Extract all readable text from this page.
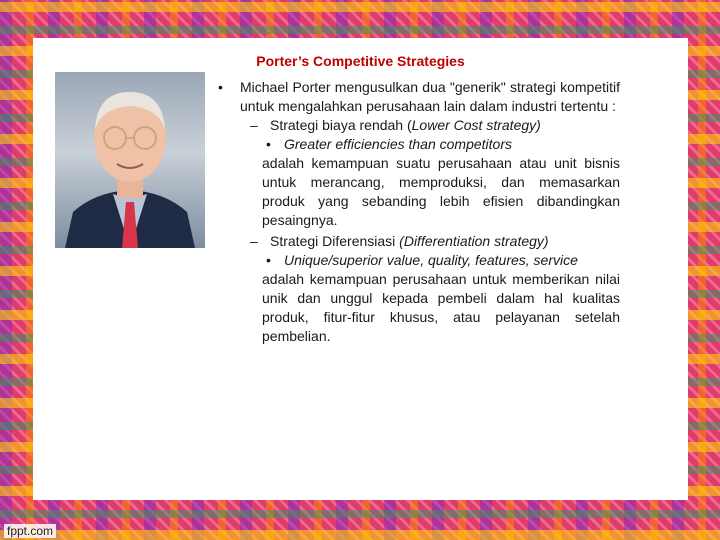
Porter’s Competitive Strategies
• Michael Porter mengusulkan dua "generik" strategi kompetitif untuk mengalahkan perusahaan lain dalam industri tertentu :
– Strategi biaya rendah (Lower Cost strategy)
• Greater efficiencies than competitors
adalah kemampuan suatu perusahaan atau unit bisnis untuk merancang, memproduksi, dan memasarkan produk yang sebanding lebih efisien dibandingkan pesaingnya.
– Strategi Diferensiasi (Differentiation strategy)
• Unique/superior value, quality, features, service
adalah kemampuan perusahaan untuk memberikan nilai unik dan unggul kepada pembeli dalam hal kualitas produk, fitur-fitur khusus, atau pelayanan setelah pembelian.
fppt.com
